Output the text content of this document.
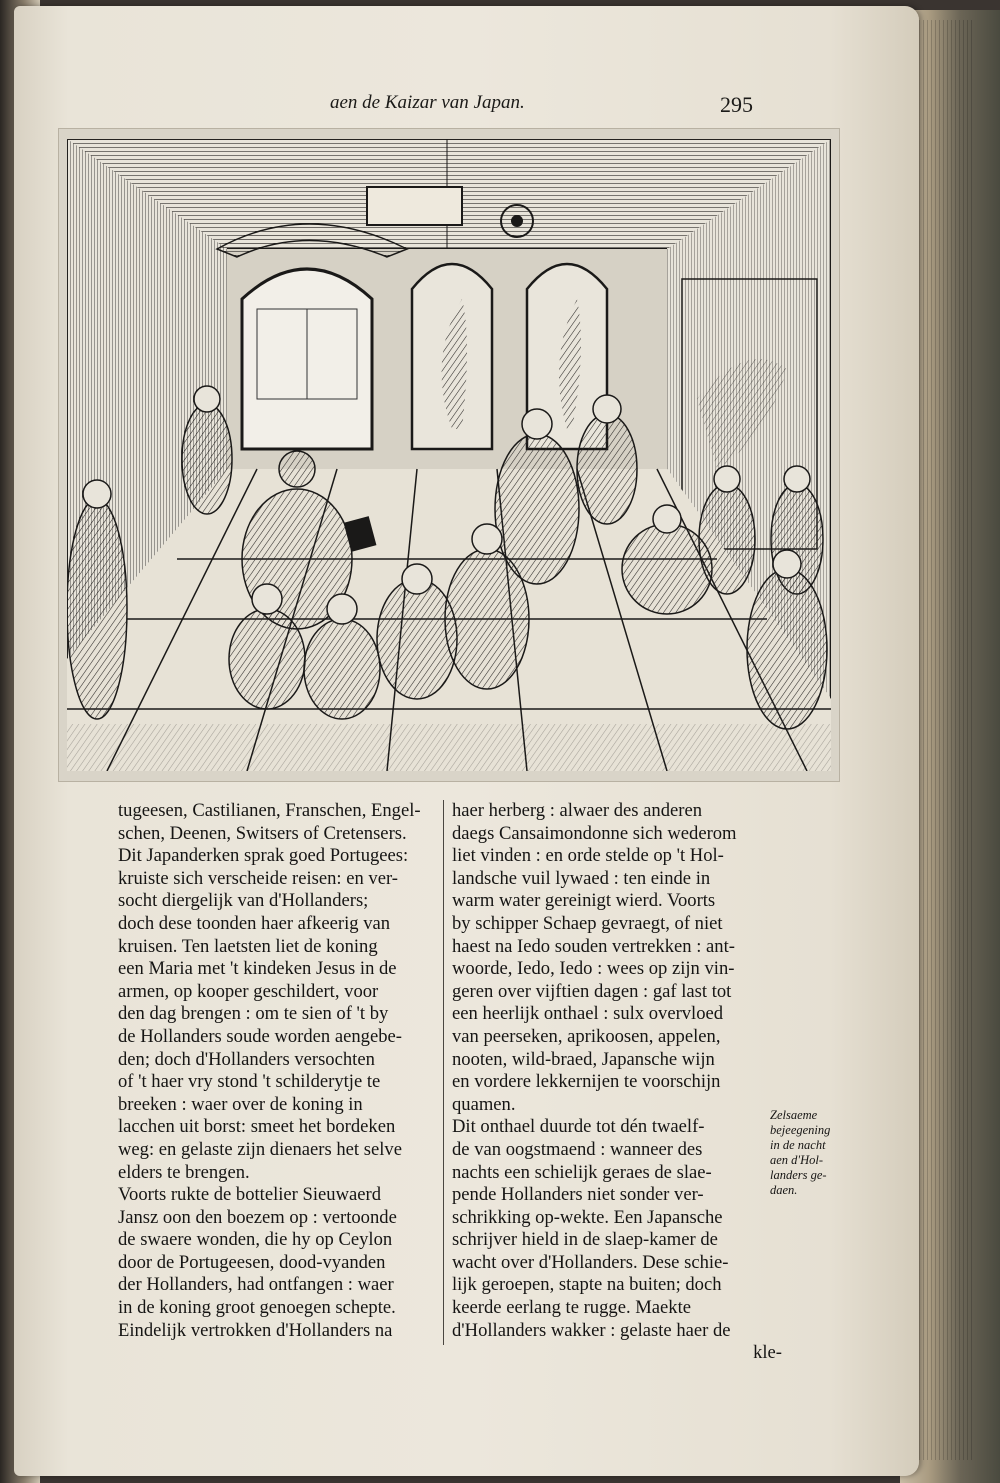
aen de Kaizar van Japan.	295

tugeesen, Castilianen, Franschen, Engel-

schen, Deenen, Switsers of Cretensers.

Dit Japanderken sprak goed Portugees:

kruiste sich verscheide reisen: en ver-

socht diergelijk van d'Hollanders;

doch dese toonden haer afkeerig van

kruisen. Ten laetsten liet de koning

een Maria met 't kindeken Jesus in de

armen, op kooper geschildert, voor

den dag brengen : om te sien of 't by

de Hollanders soude worden aengebe-

den; doch d'Hollanders versochten

of 't haer vry stond 't schilderytje te

breeken : waer over de koning in

lacchen uit borst: smeet het bordeken

weg: en gelaste zijn dienaers het selve

elders te brengen.

Voorts rukte de bottelier Sieuwaerd

Jansz oon den boezem op : vertoonde

de swaere wonden, die hy op Ceylon

door de Portugeesen, dood-vyanden

der Hollanders, had ontfangen : waer

in de koning groot genoegen schepte.

Eindelijk vertrokken d'Hollanders na

haer herberg : alwaer des anderen

daegs Cansaimondonne sich wederom

liet vinden : en orde stelde op 't Hol-

landsche vuil lywaed : ten einde in

warm water gereinigt wierd. Voorts

by schipper Schaep gevraegt, of niet

haest na Iedo souden vertrekken : ant-

woorde, Iedo, Iedo : wees op zijn vin-

geren over vijftien dagen : gaf last tot

een heerlijk onthael : sulx overvloed

van peerseken, aprikoosen, appelen,

nooten, wild-braed, Japansche wijn

en vordere lekkernijen te voorschijn

quamen.

Dit onthael duurde tot dén twaelf-

de van oogstmaend : wanneer des

nachts een schielijk geraes de slae-

pende Hollanders niet sonder ver-

schrikking op-wekte. Een Japansche

schrijver hield in de slaep-kamer de

wacht over d'Hollanders. Dese schie-

lijk geroepen, stapte na buiten; doch

keerde eerlang te rugge. Maekte

d'Hollanders wakker : gelaste haer de

kle-

Zelsaeme

bejeegening

in de nacht

aen d'Hol-

landers ge-

daen.
